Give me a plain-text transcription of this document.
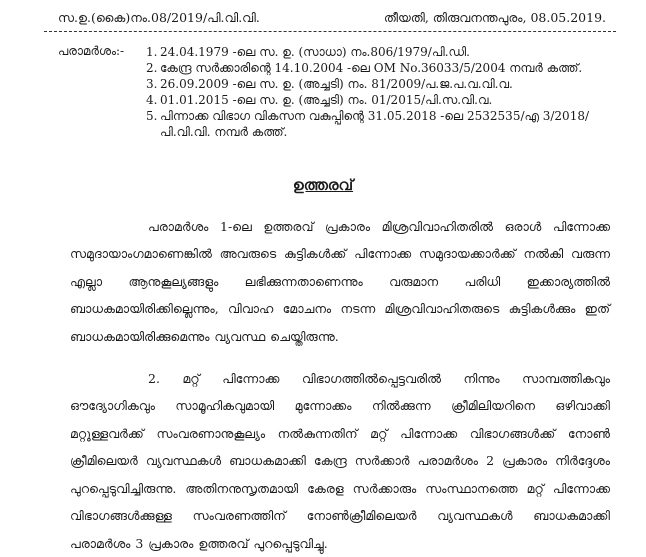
സ.ഉ.(കൈ)നം.08/2019/പി.വി.വി.	തീയതി, തിരുവനന്തപുരം, 08.05.2019.
പരാമർശം:- 1. 24.04.1979 -ലെ സ. ഉ. (സാധാ) നം.806/1979/പി.ഡി.
2. കേന്ദ്ര സർക്കാരിന്റെ 14.10.2004 -ലെ OM No.36033/5/2004 നമ്പർ കത്ത്.
3. 26.09.2009 -ലെ സ. ഉ. (അച്ചടി) നം. 81/2009/പ.ജ.പ.വ.വി.വ.
4. 01.01.2015 -ലെ സ. ഉ. (അച്ചടി) നം. 01/2015/പി.സ.വി.വ.
5. പിന്നാക്ക വിഭാഗ വികസന വകുപ്പിന്റെ 31.05.2018 -ലെ 2532535/എ 3/2018/പി.വി.വി. നമ്പർ കത്ത്.
ഉത്തരവ്

പരാമർശം 1-ലെ ഉത്തരവ് പ്രകാരം മിശ്രവിവാഹിതരിൽ ഒരാൾ പിന്നോക്ക സമുദായാംഗമാണെങ്കിൽ അവരുടെ കുട്ടികൾക്ക് പിന്നോക്ക സമുദായക്കാർക്ക് നൽകി വരുന്ന എല്ലാ ആനുകൂല്യങ്ങളും ലഭിക്കുന്നതാണെന്നും വരുമാന പരിധി ഇക്കാര്യത്തിൽ ബാധകമായിരിക്കില്ലെന്നും, വിവാഹ മോചനം നടന്ന മിശ്രവിവാഹിതരുടെ കുട്ടികൾക്കും ഇത് ബാധകമായിരിക്കുമെന്നും വ്യവസ്ഥ ചെയ്തിരുന്നു.

2. മറ്റ് പിന്നോക്ക വിഭാഗത്തിൽപ്പെട്ടവരിൽ നിന്നും സാമ്പത്തികവും ഔദ്യോഗികവും സാമൂഹികവുമായി മുന്നോക്കം നിൽക്കുന്ന ക്രീമിലിയറിനെ ഒഴിവാക്കി മറ്റുള്ളവർക്ക് സംവരണാനുകൂല്യം നൽകുന്നതിന് മറ്റ് പിന്നോക്ക വിഭാഗങ്ങൾക്ക് നോൺ ക്രീമിലെയർ വ്യവസ്ഥകൾ ബാധകമാക്കി കേന്ദ്ര സർക്കാർ പരാമർശം 2 പ്രകാരം നിർദ്ദേശം പുറപ്പെടുവിച്ചിരുന്നു. അതിനനുസൃതമായി കേരള സർക്കാരും സംസ്ഥാനത്തെ മറ്റ് പിന്നോക്ക വിഭാഗങ്ങൾക്കുള്ള സംവരണത്തിന് നോൺക്രീമിലെയർ വ്യവസ്ഥകൾ ബാധകമാക്കി പരാമർശം 3 പ്രകാരം ഉത്തരവ് പുറപ്പെടുവിച്ചു.
